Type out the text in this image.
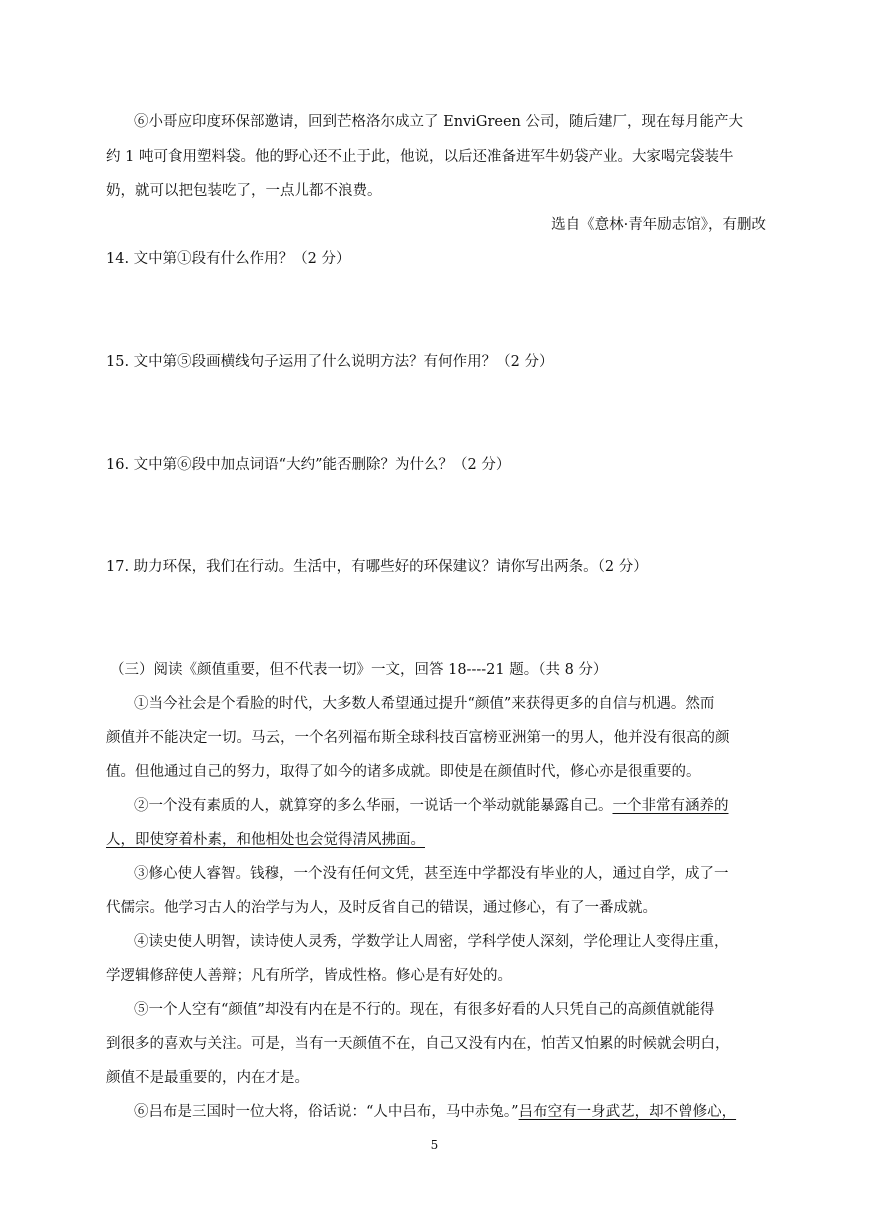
⑥小哥应印度环保部邀请，回到芒格洛尔成立了 EnviGreen 公司，随后建厂，现在每月能产大
约 1 吨可食用塑料袋。他的野心还不止于此，他说，以后还准备进军牛奶袋产业。大家喝完袋装牛
奶，就可以把包装吃了，一点儿都不浪费。
选自《意林·青年励志馆》，有删改
14. 文中第①段有什么作用？（2 分）
15. 文中第⑤段画横线句子运用了什么说明方法？有何作用？（2 分）
16. 文中第⑥段中加点词语“大约”能否删除？为什么？（2 分）
17. 助力环保，我们在行动。生活中，有哪些好的环保建议？请你写出两条。（2 分）
（三）阅读《颜值重要，但不代表一切》一文，回答 18----21 题。（共 8 分）
①当今社会是个看脸的时代，大多数人希望通过提升“颜值”来获得更多的自信与机遇。然而
颜值并不能决定一切。马云，一个名列福布斯全球科技百富榜亚洲第一的男人，他并没有很高的颜
值。但他通过自己的努力，取得了如今的诸多成就。即使是在颜值时代，修心亦是很重要的。
②一个没有素质的人，就算穿的多么华丽，一说话一个举动就能暴露自己。一个非常有涵养的
人，即使穿着朴素，和他相处也会觉得清风拂面。
③修心使人睿智。钱穆，一个没有任何文凭，甚至连中学都没有毕业的人，通过自学，成了一
代儒宗。他学习古人的治学与为人，及时反省自己的错误，通过修心，有了一番成就。
④读史使人明智，读诗使人灵秀，学数学让人周密，学科学使人深刻，学伦理让人变得庄重，
学逻辑修辞使人善辩；凡有所学，皆成性格。修心是有好处的。
⑤一个人空有“颜值”却没有内在是不行的。现在，有很多好看的人只凭自己的高颜值就能得
到很多的喜欢与关注。可是，当有一天颜值不在，自己又没有内在，怕苦又怕累的时候就会明白，
颜值不是最重要的，内在才是。
⑥吕布是三国时一位大将，俗话说：“人中吕布，马中赤兔。”吕布空有一身武艺，却不曾修心，
5
